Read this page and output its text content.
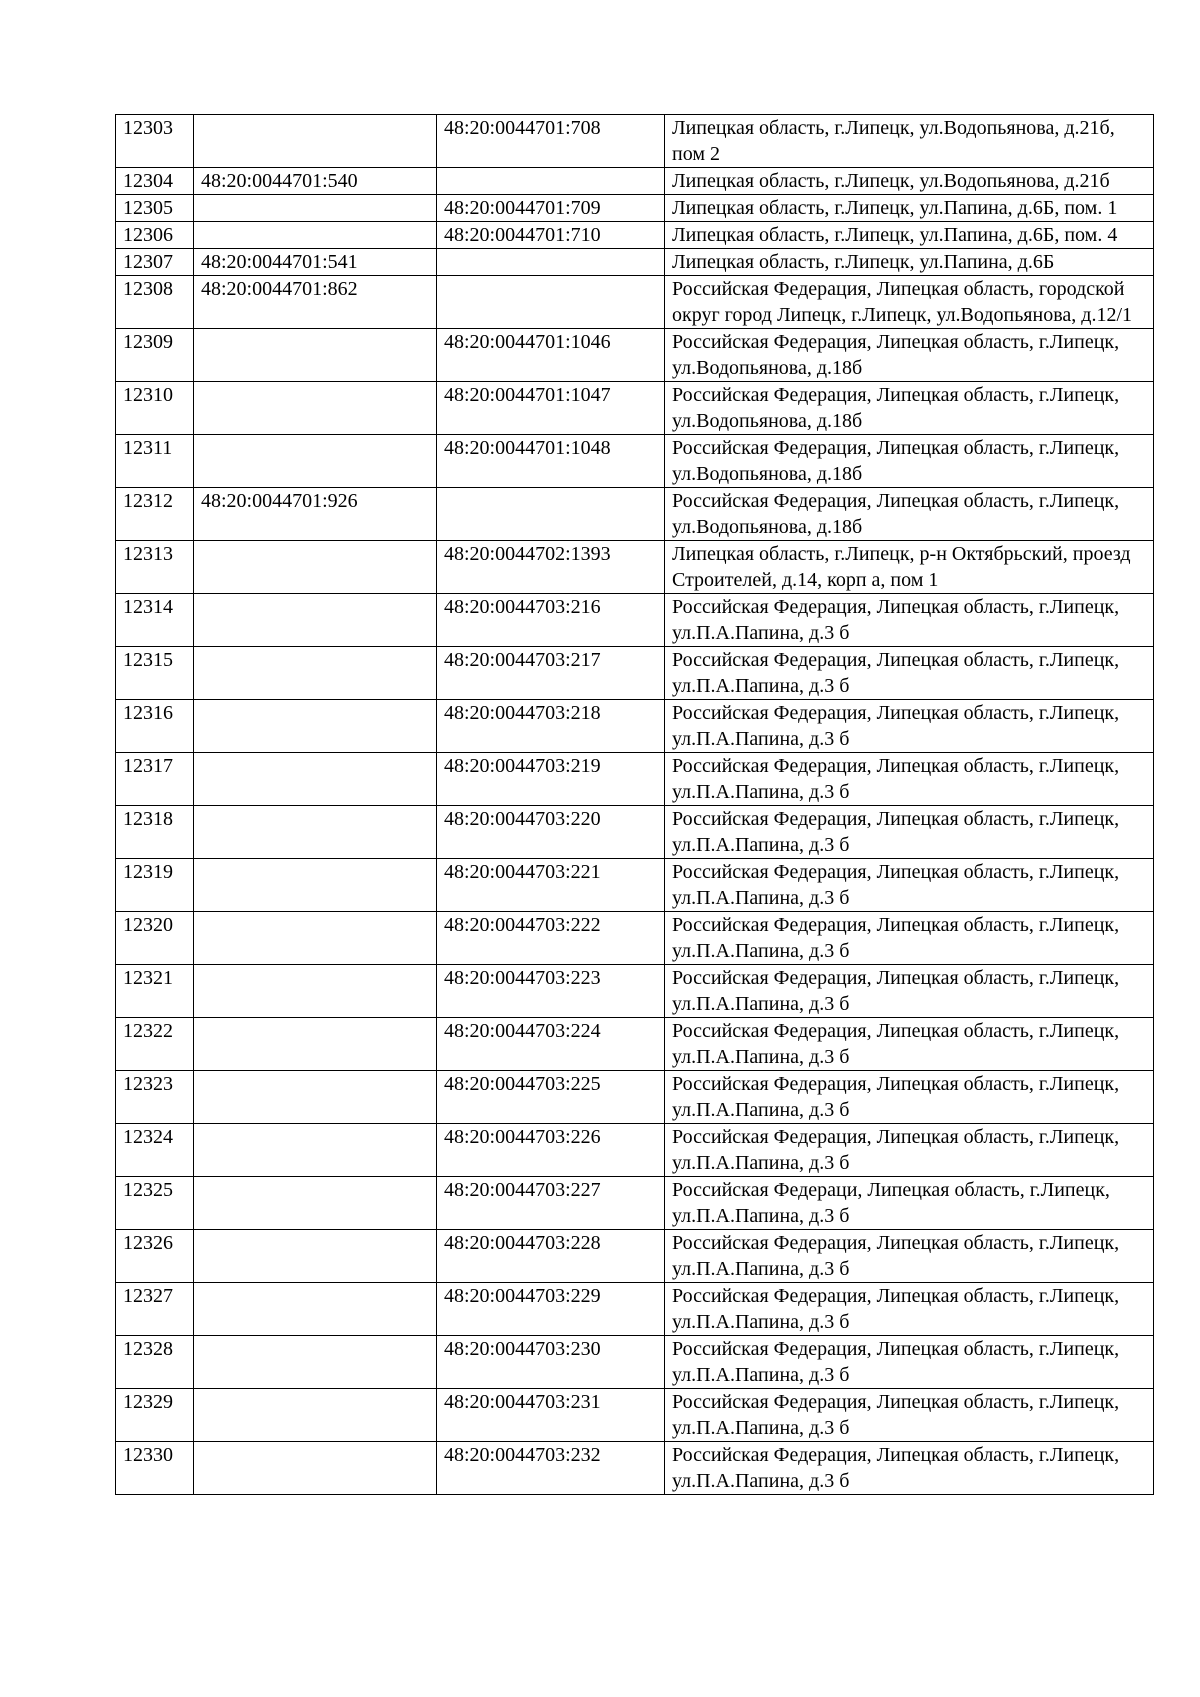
12303		48:20:0044701:708	Липецкая область, г.Липецк, ул.Водопьянова, д.21б, пом 2
12304	48:20:0044701:540		Липецкая область, г.Липецк, ул.Водопьянова, д.21б
12305		48:20:0044701:709	Липецкая область, г.Липецк, ул.Папина, д.6Б, пом. 1
12306		48:20:0044701:710	Липецкая область, г.Липецк, ул.Папина, д.6Б, пом. 4
12307	48:20:0044701:541		Липецкая область, г.Липецк, ул.Папина, д.6Б
12308	48:20:0044701:862		Российская Федерация, Липецкая область, городской округ город Липецк, г.Липецк, ул.Водопьянова, д.12/1
12309		48:20:0044701:1046	Российская Федерация, Липецкая область, г.Липецк, ул.Водопьянова, д.18б
12310		48:20:0044701:1047	Российская Федерация, Липецкая область, г.Липецк, ул.Водопьянова, д.18б
12311		48:20:0044701:1048	Российская Федерация, Липецкая область, г.Липецк, ул.Водопьянова, д.18б
12312	48:20:0044701:926		Российская Федерация, Липецкая область, г.Липецк, ул.Водопьянова, д.18б
12313		48:20:0044702:1393	Липецкая область, г.Липецк, р-н Октябрьский, проезд Строителей, д.14, корп а, пом 1
12314		48:20:0044703:216	Российская Федерация, Липецкая область, г.Липецк, ул.П.А.Папина, д.3 б
12315		48:20:0044703:217	Российская Федерация, Липецкая область, г.Липецк, ул.П.А.Папина, д.3 б
12316		48:20:0044703:218	Российская Федерация, Липецкая область, г.Липецк, ул.П.А.Папина, д.3 б
12317		48:20:0044703:219	Российская Федерация, Липецкая область, г.Липецк, ул.П.А.Папина, д.3 б
12318		48:20:0044703:220	Российская Федерация, Липецкая область, г.Липецк, ул.П.А.Папина, д.3 б
12319		48:20:0044703:221	Российская Федерация, Липецкая область, г.Липецк, ул.П.А.Папина, д.3 б
12320		48:20:0044703:222	Российская Федерация, Липецкая область, г.Липецк, ул.П.А.Папина, д.3 б
12321		48:20:0044703:223	Российская Федерация, Липецкая область, г.Липецк, ул.П.А.Папина, д.3 б
12322		48:20:0044703:224	Российская Федерация, Липецкая область, г.Липецк, ул.П.А.Папина, д.3 б
12323		48:20:0044703:225	Российская Федерация, Липецкая область, г.Липецк, ул.П.А.Папина, д.3 б
12324		48:20:0044703:226	Российская Федерация, Липецкая область, г.Липецк, ул.П.А.Папина, д.3 б
12325		48:20:0044703:227	Российская Федераци, Липецкая область, г.Липецк, ул.П.А.Папина, д.3 б
12326		48:20:0044703:228	Российская Федерация, Липецкая область, г.Липецк, ул.П.А.Папина, д.3 б
12327		48:20:0044703:229	Российская Федерация, Липецкая область, г.Липецк, ул.П.А.Папина, д.3 б
12328		48:20:0044703:230	Российская Федерация, Липецкая область, г.Липецк, ул.П.А.Папина, д.3 б
12329		48:20:0044703:231	Российская Федерация, Липецкая область, г.Липецк, ул.П.А.Папина, д.3 б
12330		48:20:0044703:232	Российская Федерация, Липецкая область, г.Липецк, ул.П.А.Папина, д.3 б
